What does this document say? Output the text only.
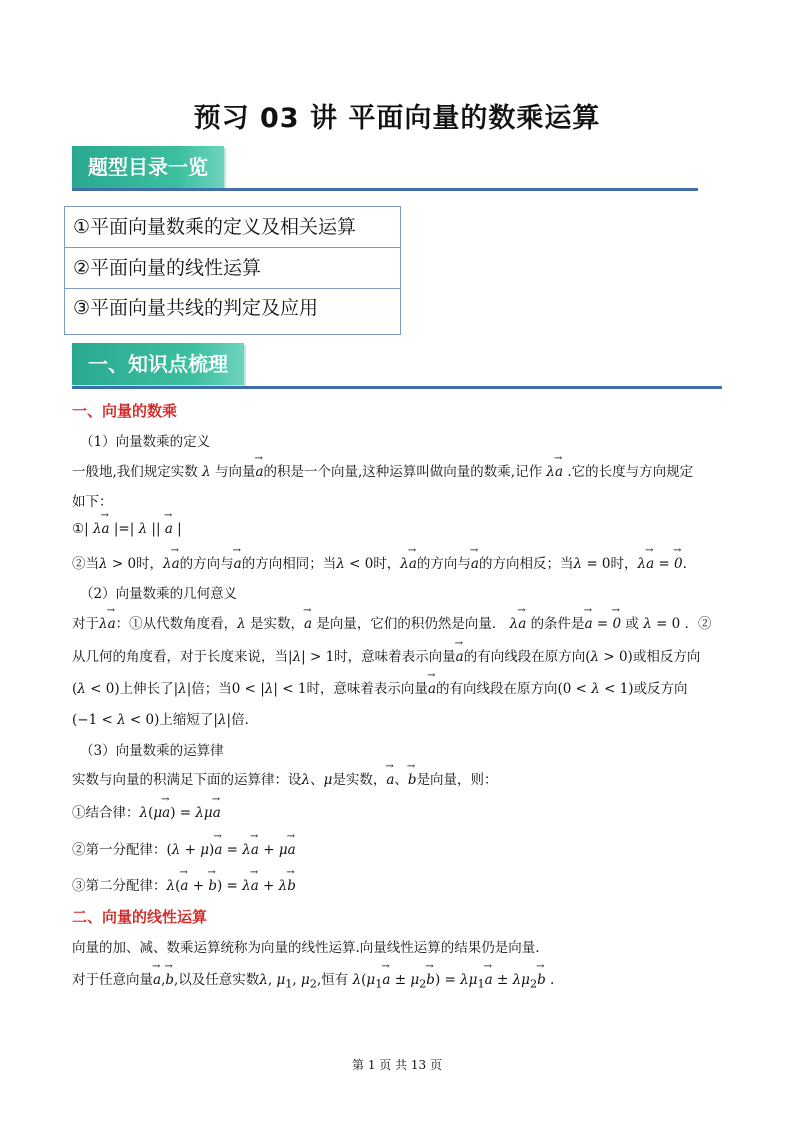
预习 03 讲 平面向量的数乘运算
题型目录一览
①平面向量数乘的定义及相关运算
②平面向量的线性运算
③平面向量共线的判定及应用
一、知识点梳理
一、向量的数乘
（1）向量数乘的定义
一般地,我们规定实数 λ 与向量→ a的积是一个向量,这种运算叫做向量的数乘,记作 λ→ a .它的长度与方向规定
如下：
①| λ→ a |=| λ || → a |
②当λ > 0时，λ→ a的方向与→ a的方向相同；当λ < 0时，λ→ a的方向与→ a的方向相反；当λ = 0时，λ→ a = → 0.
（2）向量数乘的几何意义
对于λ→ a：①从代数角度看，λ 是实数，→ a 是向量，它们的积仍然是向量． λ→ a 的条件是→ a = → 0 或 λ = 0 ．②
从几何的角度看，对于长度来说，当|λ| > 1时，意味着表示向量→ a的有向线段在原方向(λ > 0)或相反方向
(λ < 0)上伸长了|λ|倍；当0 < |λ| < 1时，意味着表示向量→ a的有向线段在原方向(0 < λ < 1)或反方向
(−1 < λ < 0)上缩短了|λ|倍.
（3）向量数乘的运算律
实数与向量的积满足下面的运算律：设λ、μ是实数，→ a、→ b是向量，则：
①结合律：λ(μ→ a) = λμ→ a
②第一分配律：(λ + μ)→ a = λ→ a + μ→ a
③第二分配律：λ(→ a + → b) = λ→ a + λ→ b
二、向量的线性运算
向量的加、减、数乘运算统称为向量的线性运算.向量线性运算的结果仍是向量.
对于任意向量→ a,→ b,以及任意实数λ, $\mu_1$, $\mu_2$,恒有 $\lambda(\mu_1\to a \pm \mu_2\to b) = \lambda\mu_1\to a \pm \lambda\mu_2\to b$ .
第 1 页 共 13 页
